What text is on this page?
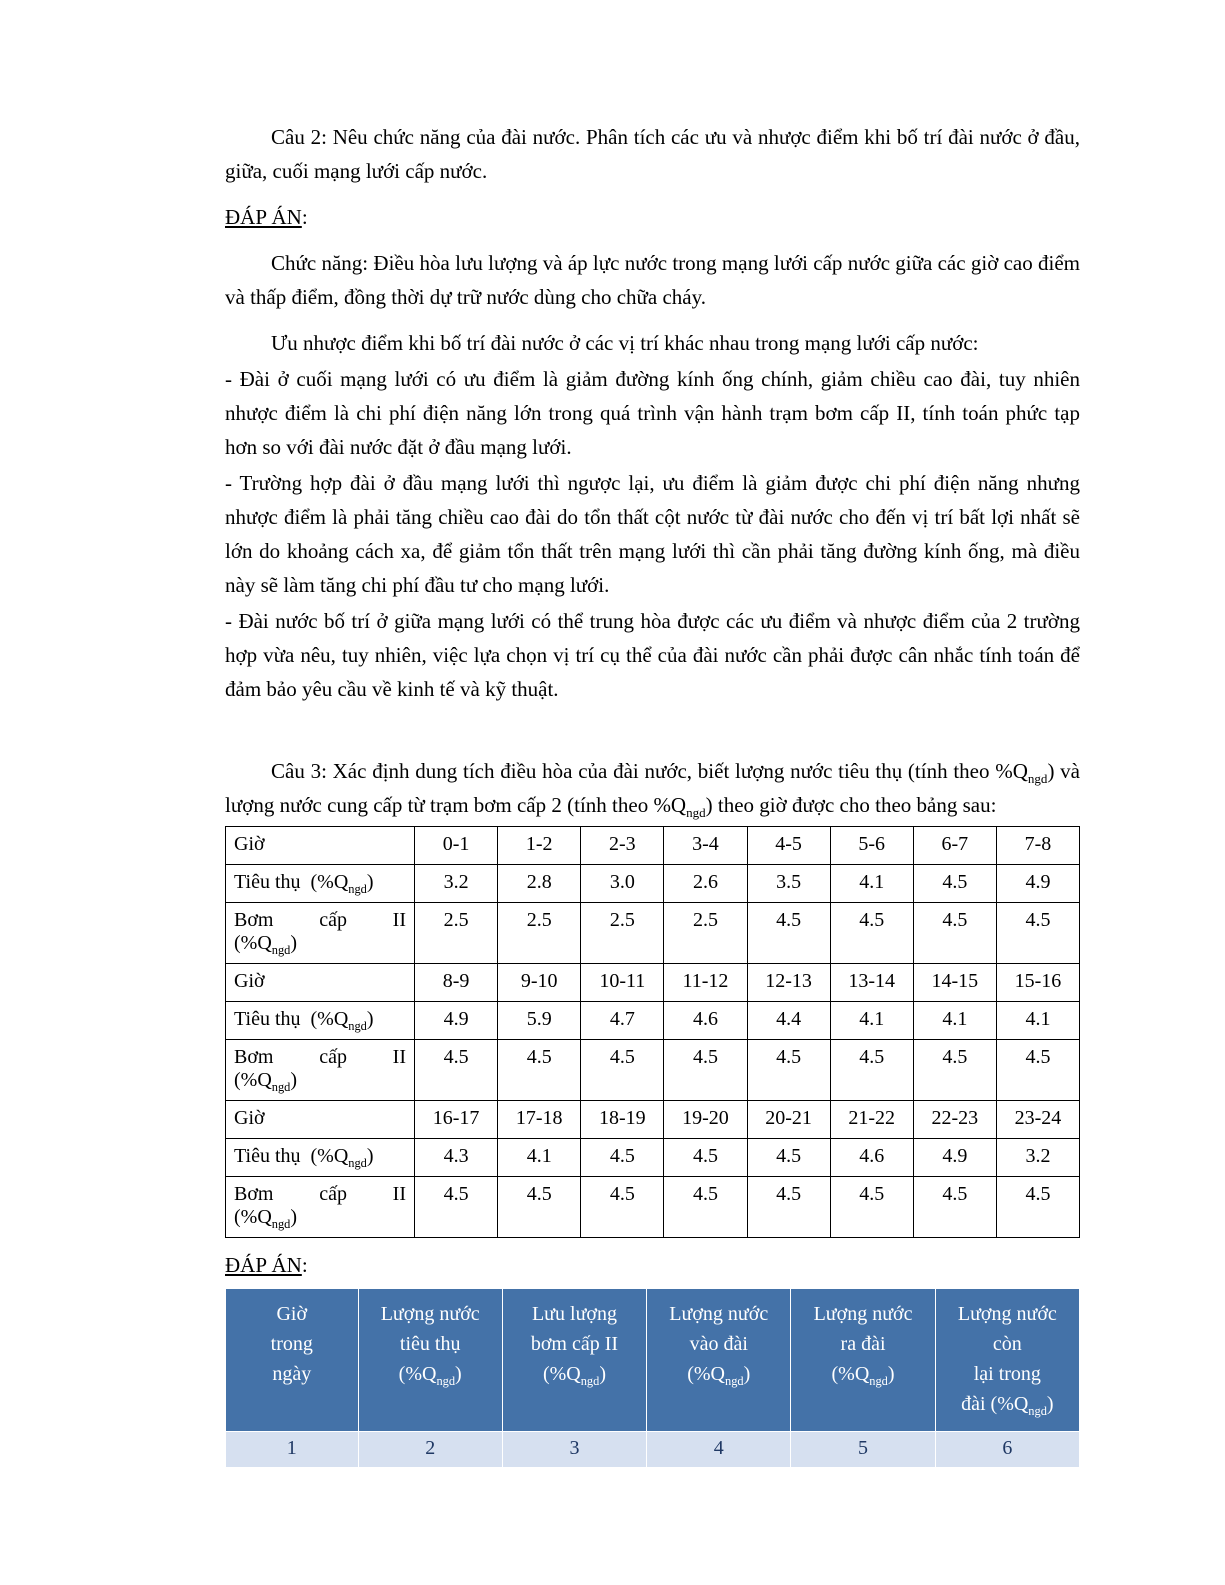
Câu 2: Nêu chức năng của đài nước. Phân tích các ưu và nhược điểm khi bố trí đài nước ở đầu, giữa, cuối mạng lưới cấp nước.

ĐÁP ÁN:

Chức năng: Điều hòa lưu lượng và áp lực nước trong mạng lưới cấp nước giữa các giờ cao điểm và thấp điểm, đồng thời dự trữ nước dùng cho chữa cháy.

Ưu nhược điểm khi bố trí đài nước ở các vị trí khác nhau trong mạng lưới cấp nước:

- Đài ở cuối mạng lưới có ưu điểm là giảm đường kính ống chính, giảm chiều cao đài, tuy nhiên nhược điểm là chi phí điện năng lớn trong quá trình vận hành trạm bơm cấp II, tính toán phức tạp hơn so với đài nước đặt ở đầu mạng lưới.

- Trường hợp đài ở đầu mạng lưới thì ngược lại, ưu điểm là giảm được chi phí điện năng nhưng nhược điểm là phải tăng chiều cao đài do tổn thất cột nước từ đài nước cho đến vị trí bất lợi nhất sẽ lớn do khoảng cách xa, để giảm tổn thất trên mạng lưới thì cần phải tăng đường kính ống, mà điều này sẽ làm tăng chi phí đầu tư cho mạng lưới.

- Đài nước bố trí ở giữa mạng lưới có thể trung hòa được các ưu điểm và nhược điểm của 2 trường hợp vừa nêu, tuy nhiên, việc lựa chọn vị trí cụ thể của đài nước cần phải được cân nhắc tính toán để đảm bảo yêu cầu về kinh tế và kỹ thuật.

Câu 3: Xác định dung tích điều hòa của đài nước, biết lượng nước tiêu thụ (tính theo $\%Q_{ngd}$) và lượng nước cung cấp từ trạm bơm cấp 2 (tính theo $\%Q_{ngd}$) theo giờ được cho theo bảng sau:

Giờ	0-1	1-2	2-3	3-4	4-5	5-6	6-7	7-8
Tiêu thụ $(\%Q_{ngd})$	3.2	2.8	3.0	2.6	3.5	4.1	4.5	4.9

Bơm cấp II
$(\%Q_{ngd})$	2.5	2.5	2.5	2.5	4.5	4.5	4.5	4.5
Giờ	8-9	9-10	10-11	11-12	12-13	13-14	14-15	15-16
Tiêu thụ $(\%Q_{ngd})$	4.9	5.9	4.7	4.6	4.4	4.1	4.1	4.1

Bơm cấp II
$(\%Q_{ngd})$	4.5	4.5	4.5	4.5	4.5	4.5	4.5	4.5
Giờ	16-17	17-18	18-19	19-20	20-21	21-22	22-23	23-24
Tiêu thụ $(\%Q_{ngd})$	4.3	4.1	4.5	4.5	4.5	4.6	4.9	3.2

Bơm cấp II
$(\%Q_{ngd})$	4.5	4.5	4.5	4.5	4.5	4.5	4.5	4.5

ĐÁP ÁN:

Giờ
trong
ngày

Lượng nước
tiêu thụ
$(\%Q_{ngd})$

Lưu lượng
bơm cấp II
$(\%Q_{ngd})$

Lượng nước
vào đài
$(\%Q_{ngd})$

Lượng nước
ra đài
$(\%Q_{ngd})$

Lượng nước còn
lại trong
đài $(\%Q_{ngd})$

1	2	3	4	5	6
